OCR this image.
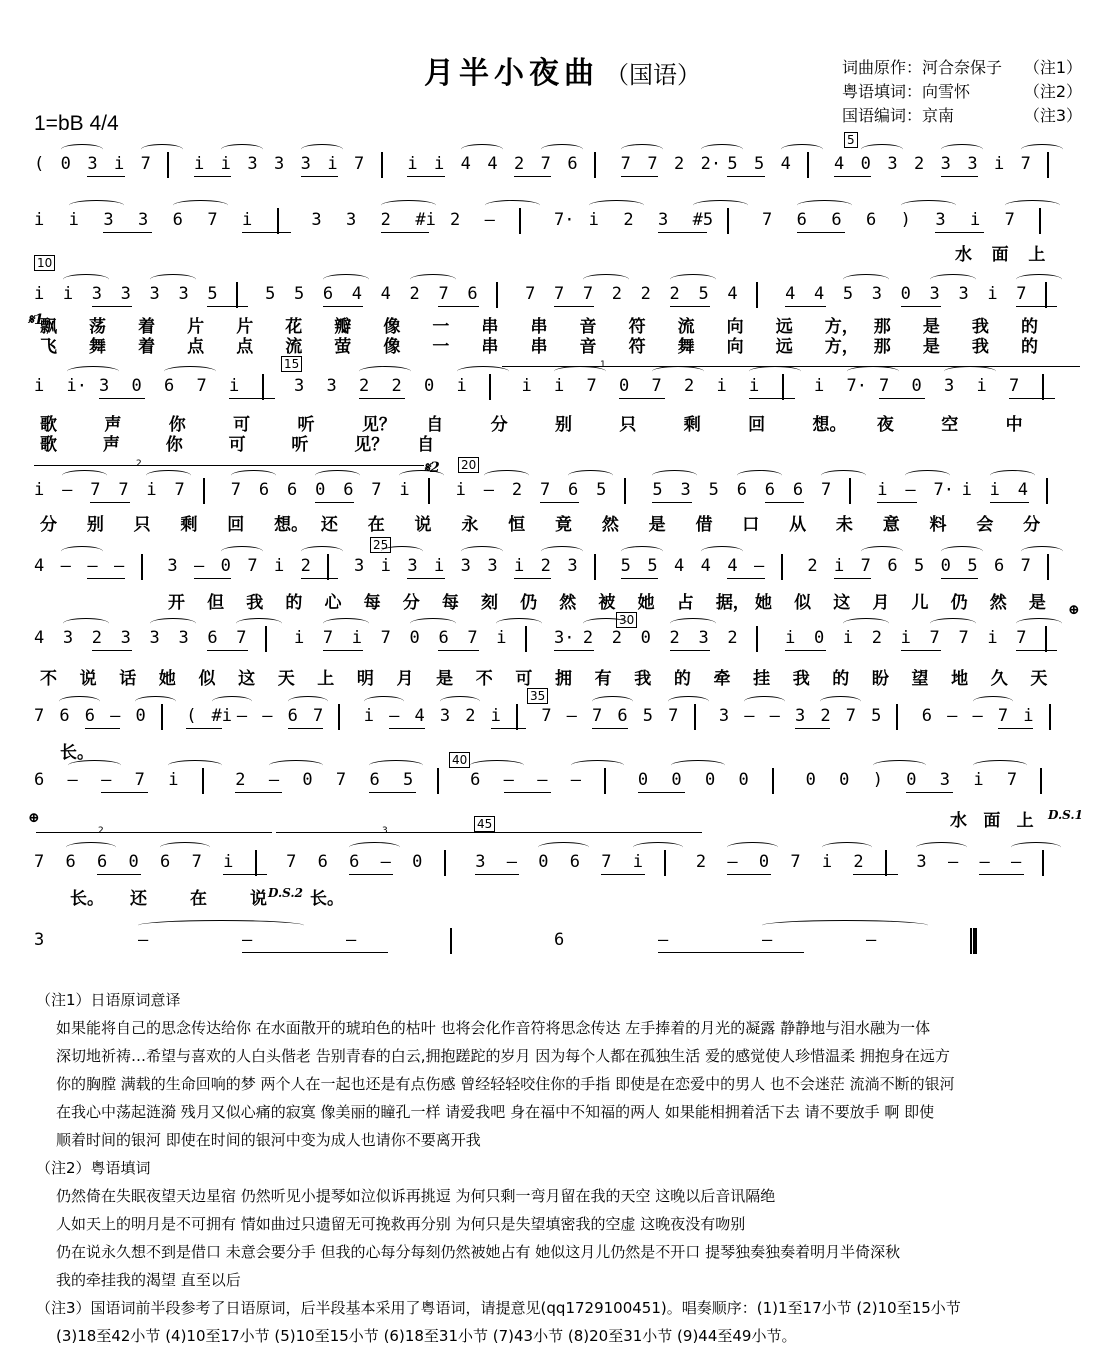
月半小夜曲 （国语）	词曲原作：河合奈保子 （注1）
粤语填词：向雪怀	（注2）
国语编词：京南	（注3）
1=bB 4/4
5
10
15
20
25
30
35
40
45
1
2
2	3
𝄋1
𝄋2
⊕
⊕	D.S.1
D.S.2
( 0 3 i 7	i i 3 3 3 i 7	i i 4 4 2 7 6	7 7 2 2· 5 5 4	4 0 3 2 3 3 i 7
i i 3 3 6 7 i	3 3 2 #i 2 –	7· i 2 3 #5	7 6 6 6 ) 3 i 7
i i 3 3 3 3 5	5 5 6 4 4 2 7 6	7 7 7 2 2 2 5 4	4 4 5 3 0 3 3 i 7
i i· 3 0 6 7 i	3 3 2 2 0 i	i i 7 0 7 2 i i	i 7· 7 0 3 i 7
i – 7 7 i 7	7 6 6 0 6 7 i	i – 2 7 6 5	5 3 5 6 6 6 7	i – 7· i i 4
4 – – –	3 – 0 7 i 2	3 i 3 i 3 3 i 2 3	5 5 4 4 4 –	2 i 7 6 5 0 5 6 7
4 3 2 3 3 3 6 7	i 7 i 7 0 6 7 i	3· 2 2 0 2 3 2	i 0 i 2 i 7 7 i 7
7 6 6 – 0 ( #i – – 6 7 i – 4 3 2 i 7 – 7 6 5 7 3 – – 3 2 7 5 6 – – 7 i
6 – – 7 i	2 – 0 7 6 5	6 – – –	0 0 0 0	0 0 ) 0 3 i 7
7 6 6 0 6 7 i	7 6 6 – 0	3 – 0 6 7 i	2 – 0 7 i 2	3 – – –
3	–	–	–	6	–	–	–
水 面 上
飘 荡 着 片 片 花 瓣 像 一 串 串 音 符 流 向 远 方， 那 是 我 的
飞 舞 着 点 点 流 萤 像 一 串 串 音 符 舞 向 远 方， 那 是 我 的
歌	声	你	可	听	见？ 自	分	别	只	剩	回	想。 夜	空	中
歌	声	你	可	听	见？ 自
分 别 只 剩 回 想。 还 在 说 永 恒 竟 然 是 借 口 从 未 意 料 会 分
开 但 我 的 心 每 分 每 刻 仍 然 被 她 占 据， 她 似 这 月 儿 仍 然 是
不 说 话 她 似 这 天 上 明 月 是 不 可 拥 有 我 的 牵 挂 我 的 盼 望 地 久 天
长。
水 面 上
长。 还	在	说	长。
（注1）日语原词意译
如果能将自己的思念传达给你 在水面散开的琥珀色的枯叶 也将会化作音符将思念传达 左手捧着的月光的凝露 静静地与泪水融为一体
深切地祈祷…希望与喜欢的人白头偕老 告别青春的白云,拥抱蹉跎的岁月 因为每个人都在孤独生活 爱的感觉使人珍惜温柔 拥抱身在远方
你的胸膛 满载的生命回响的梦 两个人在一起也还是有点伤感 曾经轻轻咬住你的手指 即使是在恋爱中的男人 也不会迷茫 流淌不断的银河
在我心中荡起涟漪 残月又似心痛的寂寞 像美丽的瞳孔一样 请爱我吧 身在福中不知福的两人 如果能相拥着活下去 请不要放手 啊 即使
顺着时间的银河 即使在时间的银河中变为成人也请你不要离开我
（注2）粤语填词
仍然倚在失眠夜望天边星宿 仍然听见小提琴如泣似诉再挑逗 为何只剩一弯月留在我的天空 这晚以后音讯隔绝
人如天上的明月是不可拥有 情如曲过只遗留无可挽救再分别 为何只是失望填密我的空虚 这晚夜没有吻别
仍在说永久想不到是借口 未意会要分手 但我的心每分每刻仍然被她占有 她似这月儿仍然是不开口 提琴独奏独奏着明月半倚深秋
我的牵挂我的渴望 直至以后
（注3）国语词前半段参考了日语原词，后半段基本采用了粤语词，请提意见(qq1729100451)。唱奏顺序：(1)1至17小节 (2)10至15小节
(3)18至42小节 (4)10至17小节 (5)10至15小节 (6)18至31小节 (7)43小节 (8)20至31小节 (9)44至49小节。
